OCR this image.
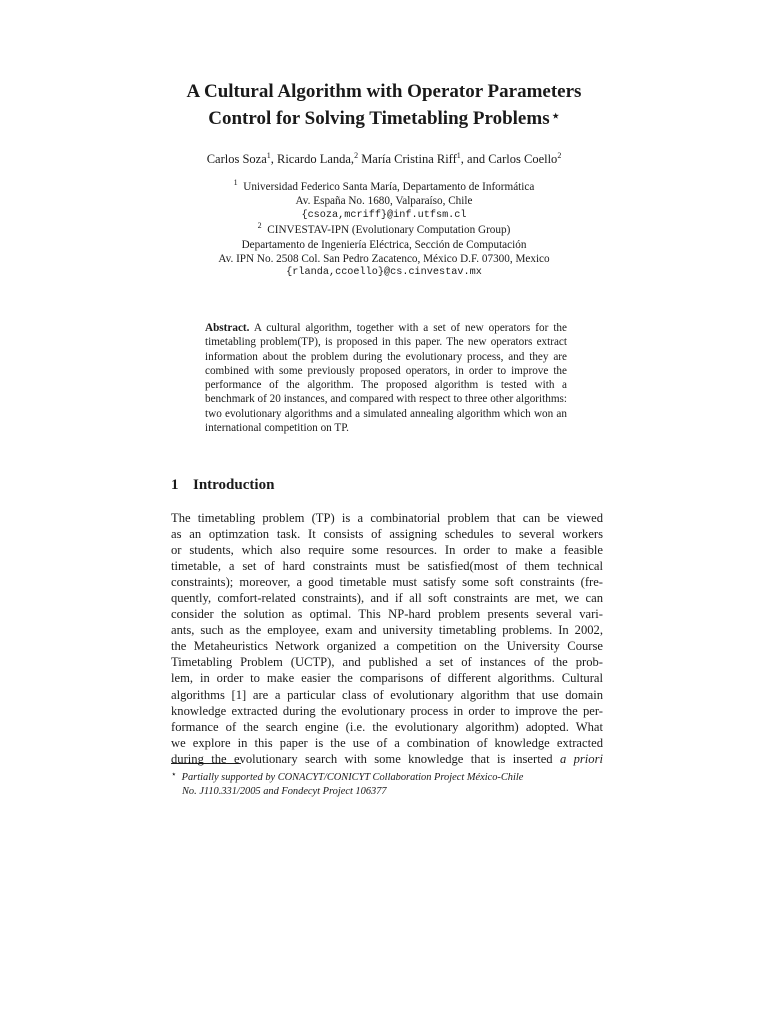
A Cultural Algorithm with Operator Parameters
Control for Solving Timetabling Problems ⋆
Carlos Soza$^1$, Ricardo Landa,$^2$ María Cristina Riff$^1$, and Carlos Coello$^2$
$^1$ Universidad Federico Santa María, Departamento de Informática
Av. España No. 1680, Valparaíso, Chile
{csoza,mcriff}@inf.utfsm.cl
$^2$ CINVESTAV-IPN (Evolutionary Computation Group)
Departamento de Ingeniería Eléctrica, Sección de Computación
Av. IPN No. 2508 Col. San Pedro Zacatenco, México D.F. 07300, Mexico
{rlanda,ccoello}@cs.cinvestav.mx
Abstract. A cultural algorithm, together with a set of new operators for the timetabling problem(TP), is proposed in this paper. The new operators extract information about the problem during the evolutionary process, and they are combined with some previously proposed operators, in order to improve the performance of the algorithm. The proposed algorithm is tested with a benchmark of 20 instances, and compared with respect to three other algorithms: two evolutionary algorithms and a simulated annealing algorithm which won an international competition on TP.
1 Introduction
The timetabling problem (TP) is a combinatorial problem that can be viewed
as an optimzation task. It consists of assigning schedules to several workers
or students, which also require some resources. In order to make a feasible
timetable, a set of hard constraints must be satisfied(most of them technical
constraints); moreover, a good timetable must satisfy some soft constraints (fre-
quently, comfort-related constraints), and if all soft constraints are met, we can
consider the solution as optimal. This NP-hard problem presents several vari-
ants, such as the employee, exam and university timetabling problems. In 2002,
the Metaheuristics Network organized a competition on the University Course
Timetabling Problem (UCTP), and published a set of instances of the prob-
lem, in order to make easier the comparisons of different algorithms. Cultural
algorithms [1] are a particular class of evolutionary algorithm that use domain
knowledge extracted during the evolutionary process in order to improve the per-
formance of the search engine (i.e. the evolutionary algorithm) adopted. What
we explore in this paper is the use of a combination of knowledge extracted
during the evolutionary search with some knowledge that is inserted a priori
⋆ Partially supported by CONACYT/CONICYT Collaboration Project México-Chile
No. J110.331/2005 and Fondecyt Project 106377
